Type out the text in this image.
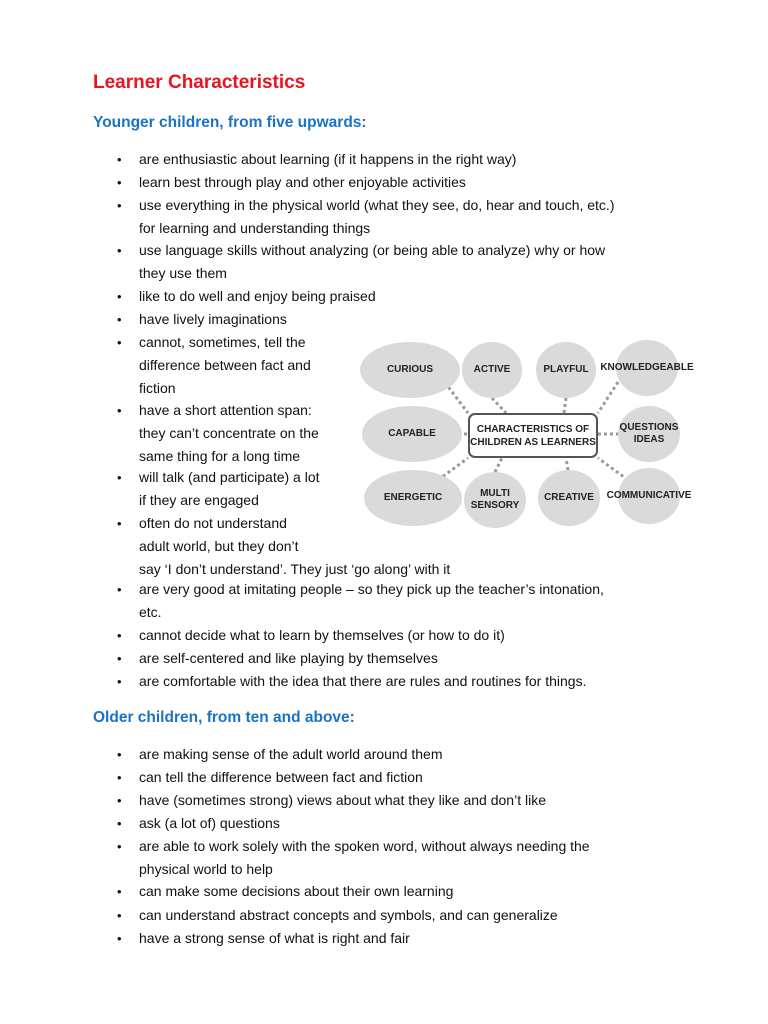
Learner Characteristics
Younger children, from five upwards:
• are enthusiastic about learning (if it happens in the right way)
• learn best through play and other enjoyable activities
• use everything in the physical world (what they see, do, hear and touch, etc.)
for learning and understanding things
• use language skills without analyzing (or being able to analyze) why or how
they use them
• like to do well and enjoy being praised
• have lively imaginations
• cannot, sometimes, tell the
difference between fact and
fiction
• have a short attention span:
they can’t concentrate on the
same thing for a long time
• will talk (and participate) a lot
if they are engaged
• often do not understand
adult world, but they don’t
say ‘I don’t understand’. They just ‘go along’ with it
• are very good at imitating people – so they pick up the teacher’s intonation,
etc.
• cannot decide what to learn by themselves (or how to do it)
• are self-centered and like playing by themselves
• are comfortable with the idea that there are rules and routines for things.
CURIOUS	ACTIVE	PLAYFUL KNOWLEDGEABLE
CAPABLE
QUESTIONS
IDEAS
ENERGETIC	MULTI
SENSORY
CREATIVE COMMUNICATIVE
CHARACTERISTICS OF
CHILDREN AS LEARNERS
Older children, from ten and above:
• are making sense of the adult world around them
• can tell the difference between fact and fiction
• have (sometimes strong) views about what they like and don’t like
• ask (a lot of) questions
• are able to work solely with the spoken word, without always needing the
physical world to help
• can make some decisions about their own learning
• can understand abstract concepts and symbols, and can generalize
• have a strong sense of what is right and fair
